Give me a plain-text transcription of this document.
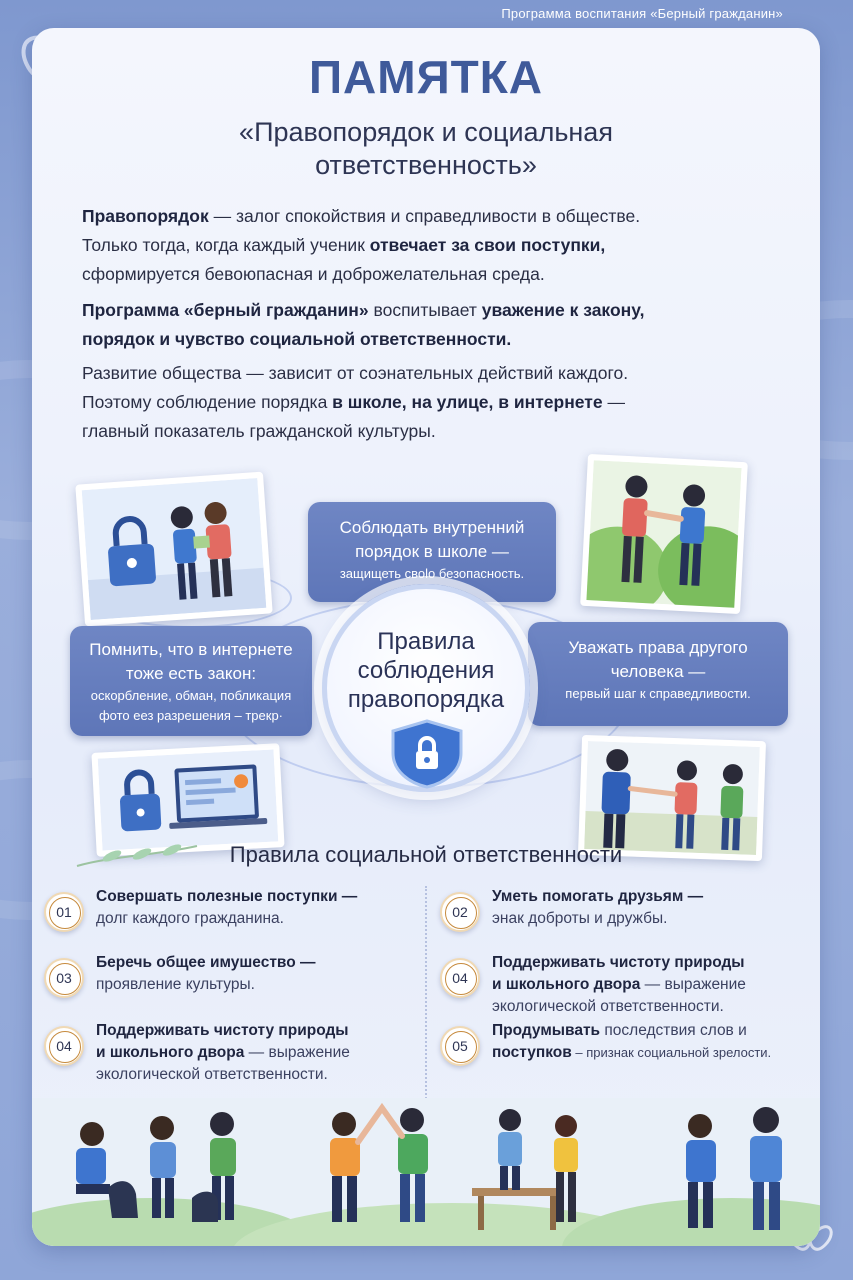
Программа воспитания «Берный гражданин»
ПАМЯТКА
«Правопорядок и социальная
ответственность»
Правопорядок — залог спокойствия и справедливости в обществе.
Только тогда, когда каждый ученик отвечает за свои поступки,
сформируется бевоюпасная и доброжелательная среда.
Программа «берный гражданин» воспитывает уважение к закону,
порядок и чувство социальной ответственности.
Развитие общества — зависит от соэнательных действий каждого.
Поэтому соблюдение порядка в школе, на улице, в интернете —
главный показатель гражданской культуры.
Соблюдать внутренний
порядок в школе —
защищеть своlo безопасность.
Помнить, что в интернете
тоже есть закон:
оскорбление, обман, побликация
фото еез разрешения – трекр·
Уважать права другого
человека —
первый шаг к справедливости.
Правила
соблюдения
правопорядка
Правила социальной ответственности
01
Совершать полезные поступки —
долг каждого гражданина.	02
Уметь помогать друзьям —
энак доброты и дружбы.
03
Беречь общее имушество —
проявление культуры.	04
Поддерживать чистоту природы
и школьного двора — выражение
экологической ответственности.
04
Поддерживать чистоту природы
и школьного двора — выражение
экологической ответственности.
05
Продумывать последствия слов и
поступков – признак социальной зрелости.
